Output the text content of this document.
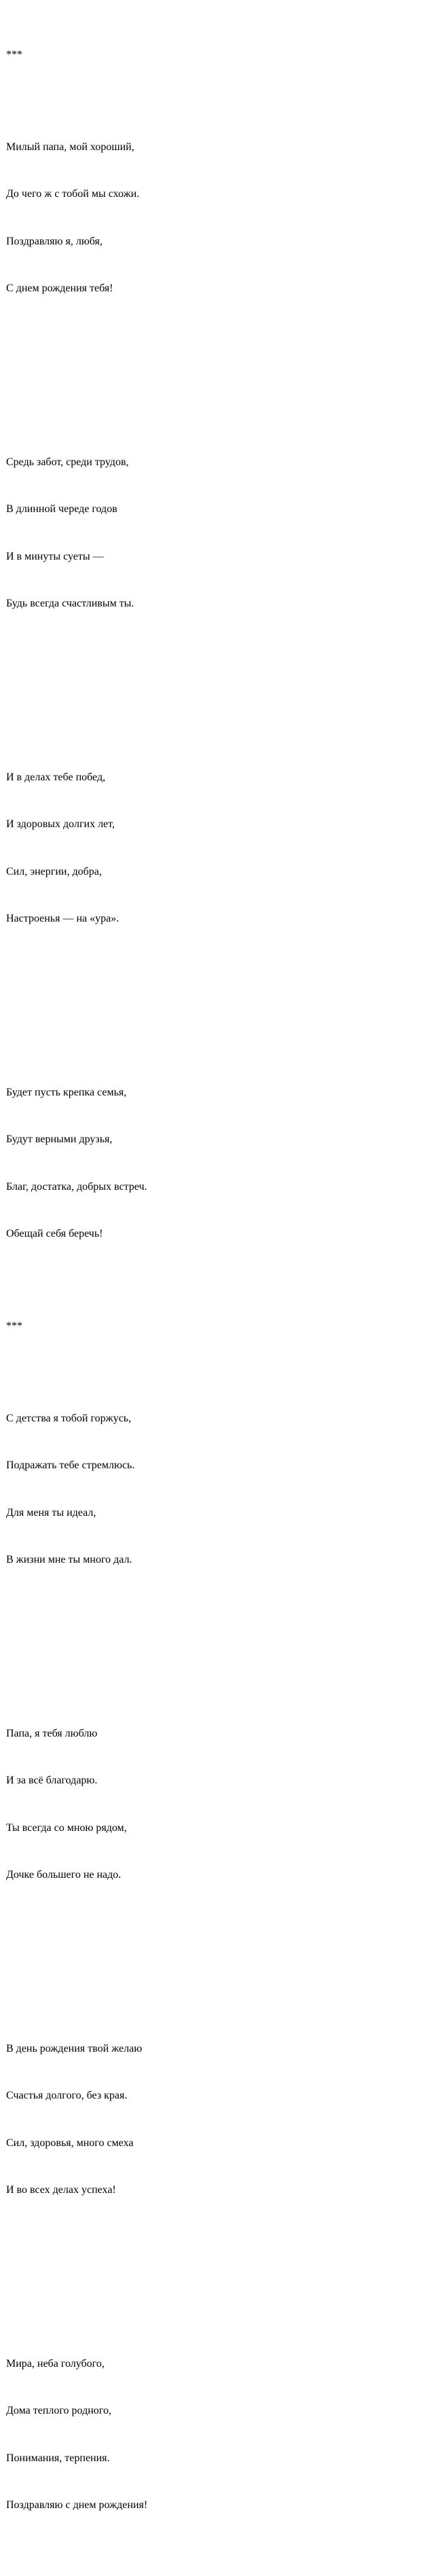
***

Милый папа, мой хороший,

До чего ж с тобой мы схожи.

Поздравляю я, любя,

С днем рождения тебя!

Средь забот, среди трудов,

В длинной череде годов

И в минуты суеты —

Будь всегда счастливым ты.

И в делах тебе побед,

И здоровых долгих лет,

Сил, энергии, добра,

Настроенья — на «ура».

Будет пусть крепка семья,

Будут верными друзья,

Благ, достатка, добрых встреч.

Обещай себя беречь!

***

С детства я тобой горжусь,

Подражать тебе стремлюсь.

Для меня ты идеал,

В жизни мне ты много дал.

Папа, я тебя люблю

И за всё благодарю.

Ты всегда со мною рядом,

Дочке большего не надо.

В день рождения твой желаю

Счастья долгого, без края.

Сил, здоровья, много смеха

И во всех делах успеха!

Мира, неба голубого,

Дома теплого родного,

Понимания, терпения.

Поздравляю с днем рождения!
